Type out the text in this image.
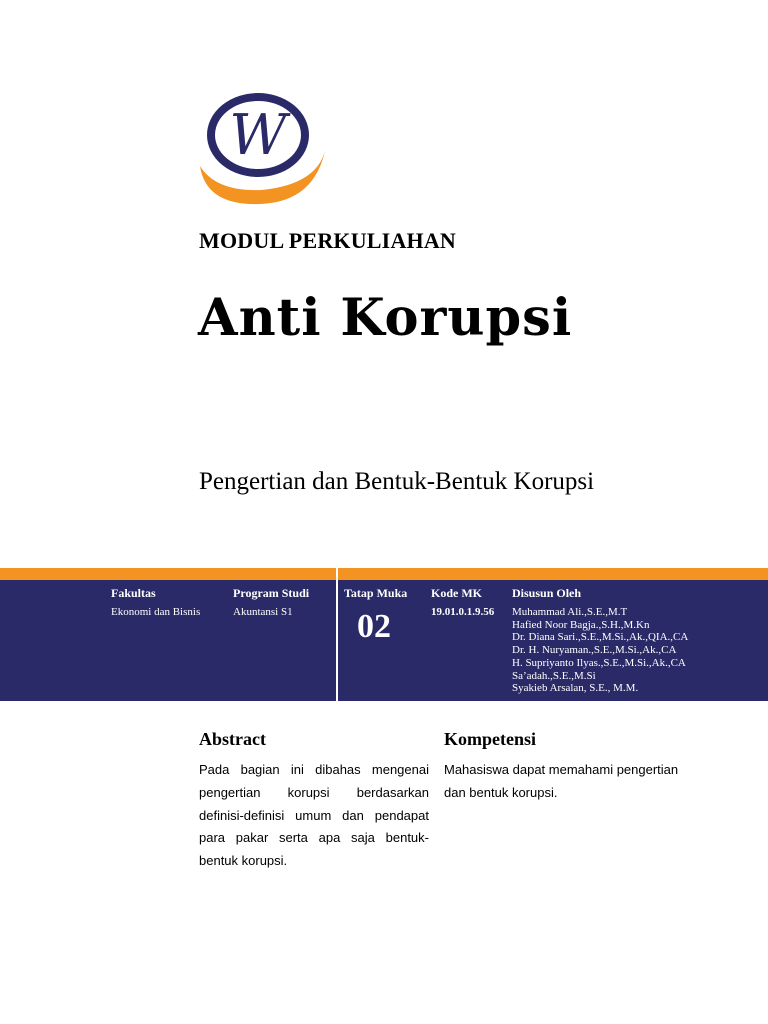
W
MODUL PERKULIAHAN
Anti Korupsi
Pengertian dan Bentuk-Bentuk Korupsi
Fakultas
Ekonomi dan Bisnis
Program Studi
Akuntansi S1
Tatap Muka
02
Kode MK
19.01.0.1.9.56
Disusun Oleh
Muhammad Ali.,S.E.,M.T
Hafied Noor Bagja.,S.H.,M.Kn
Dr. Diana Sari.,S.E.,M.Si.,Ak.,QIA.,CA
Dr. H. Nuryaman.,S.E.,M.Si.,Ak.,CA
H. Supriyanto Ilyas.,S.E.,M.Si.,Ak.,CA
Sa’adah.,S.E.,M.Si
Syakieb Arsalan, S.E., M.M.
Abstract
Pada bagian ini dibahas mengenai pengertian korupsi berdasarkan definisi-definisi umum dan pendapat para pakar serta apa saja bentuk-bentuk korupsi.
Kompetensi
Mahasiswa dapat memahami pengertian dan bentuk korupsi.
